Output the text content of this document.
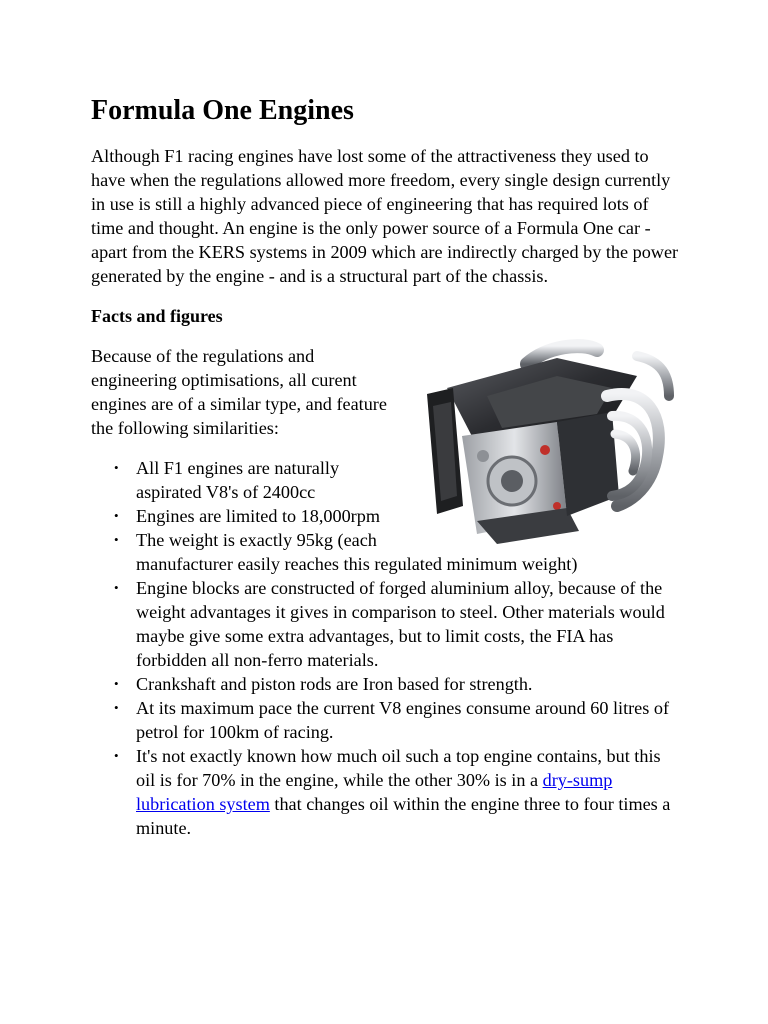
Formula One Engines

Although F1 racing engines have lost some of the attractiveness they used to have when the regulations allowed more freedom, every single design currently in use is still a highly advanced piece of engineering that has required lots of time and thought. An engine is the only power source of a Formula One car - apart from the KERS systems in 2009 which are indirectly charged by the power generated by the engine - and is a structural part of the chassis.

Facts and figures

Because of the regulations and engineering optimisations, all curent engines are of a similar type, and feature the following similarities:

• All F1 engines are naturally aspirated V8's of 2400cc
• Engines are limited to 18,000rpm
• The weight is exactly 95kg (each manufacturer easily reaches this regulated minimum weight)
• Engine blocks are constructed of forged aluminium alloy, because of the weight advantages it gives in comparison to steel. Other materials would maybe give some extra advantages, but to limit costs, the FIA has forbidden all non-ferro materials.
• Crankshaft and piston rods are Iron based for strength.
• At its maximum pace the current V8 engines consume around 60 litres of petrol for 100km of racing.
• It's not exactly known how much oil such a top engine contains, but this oil is for 70% in the engine, while the other 30% is in a dry-sump lubrication system that changes oil within the engine three to four times a minute.
